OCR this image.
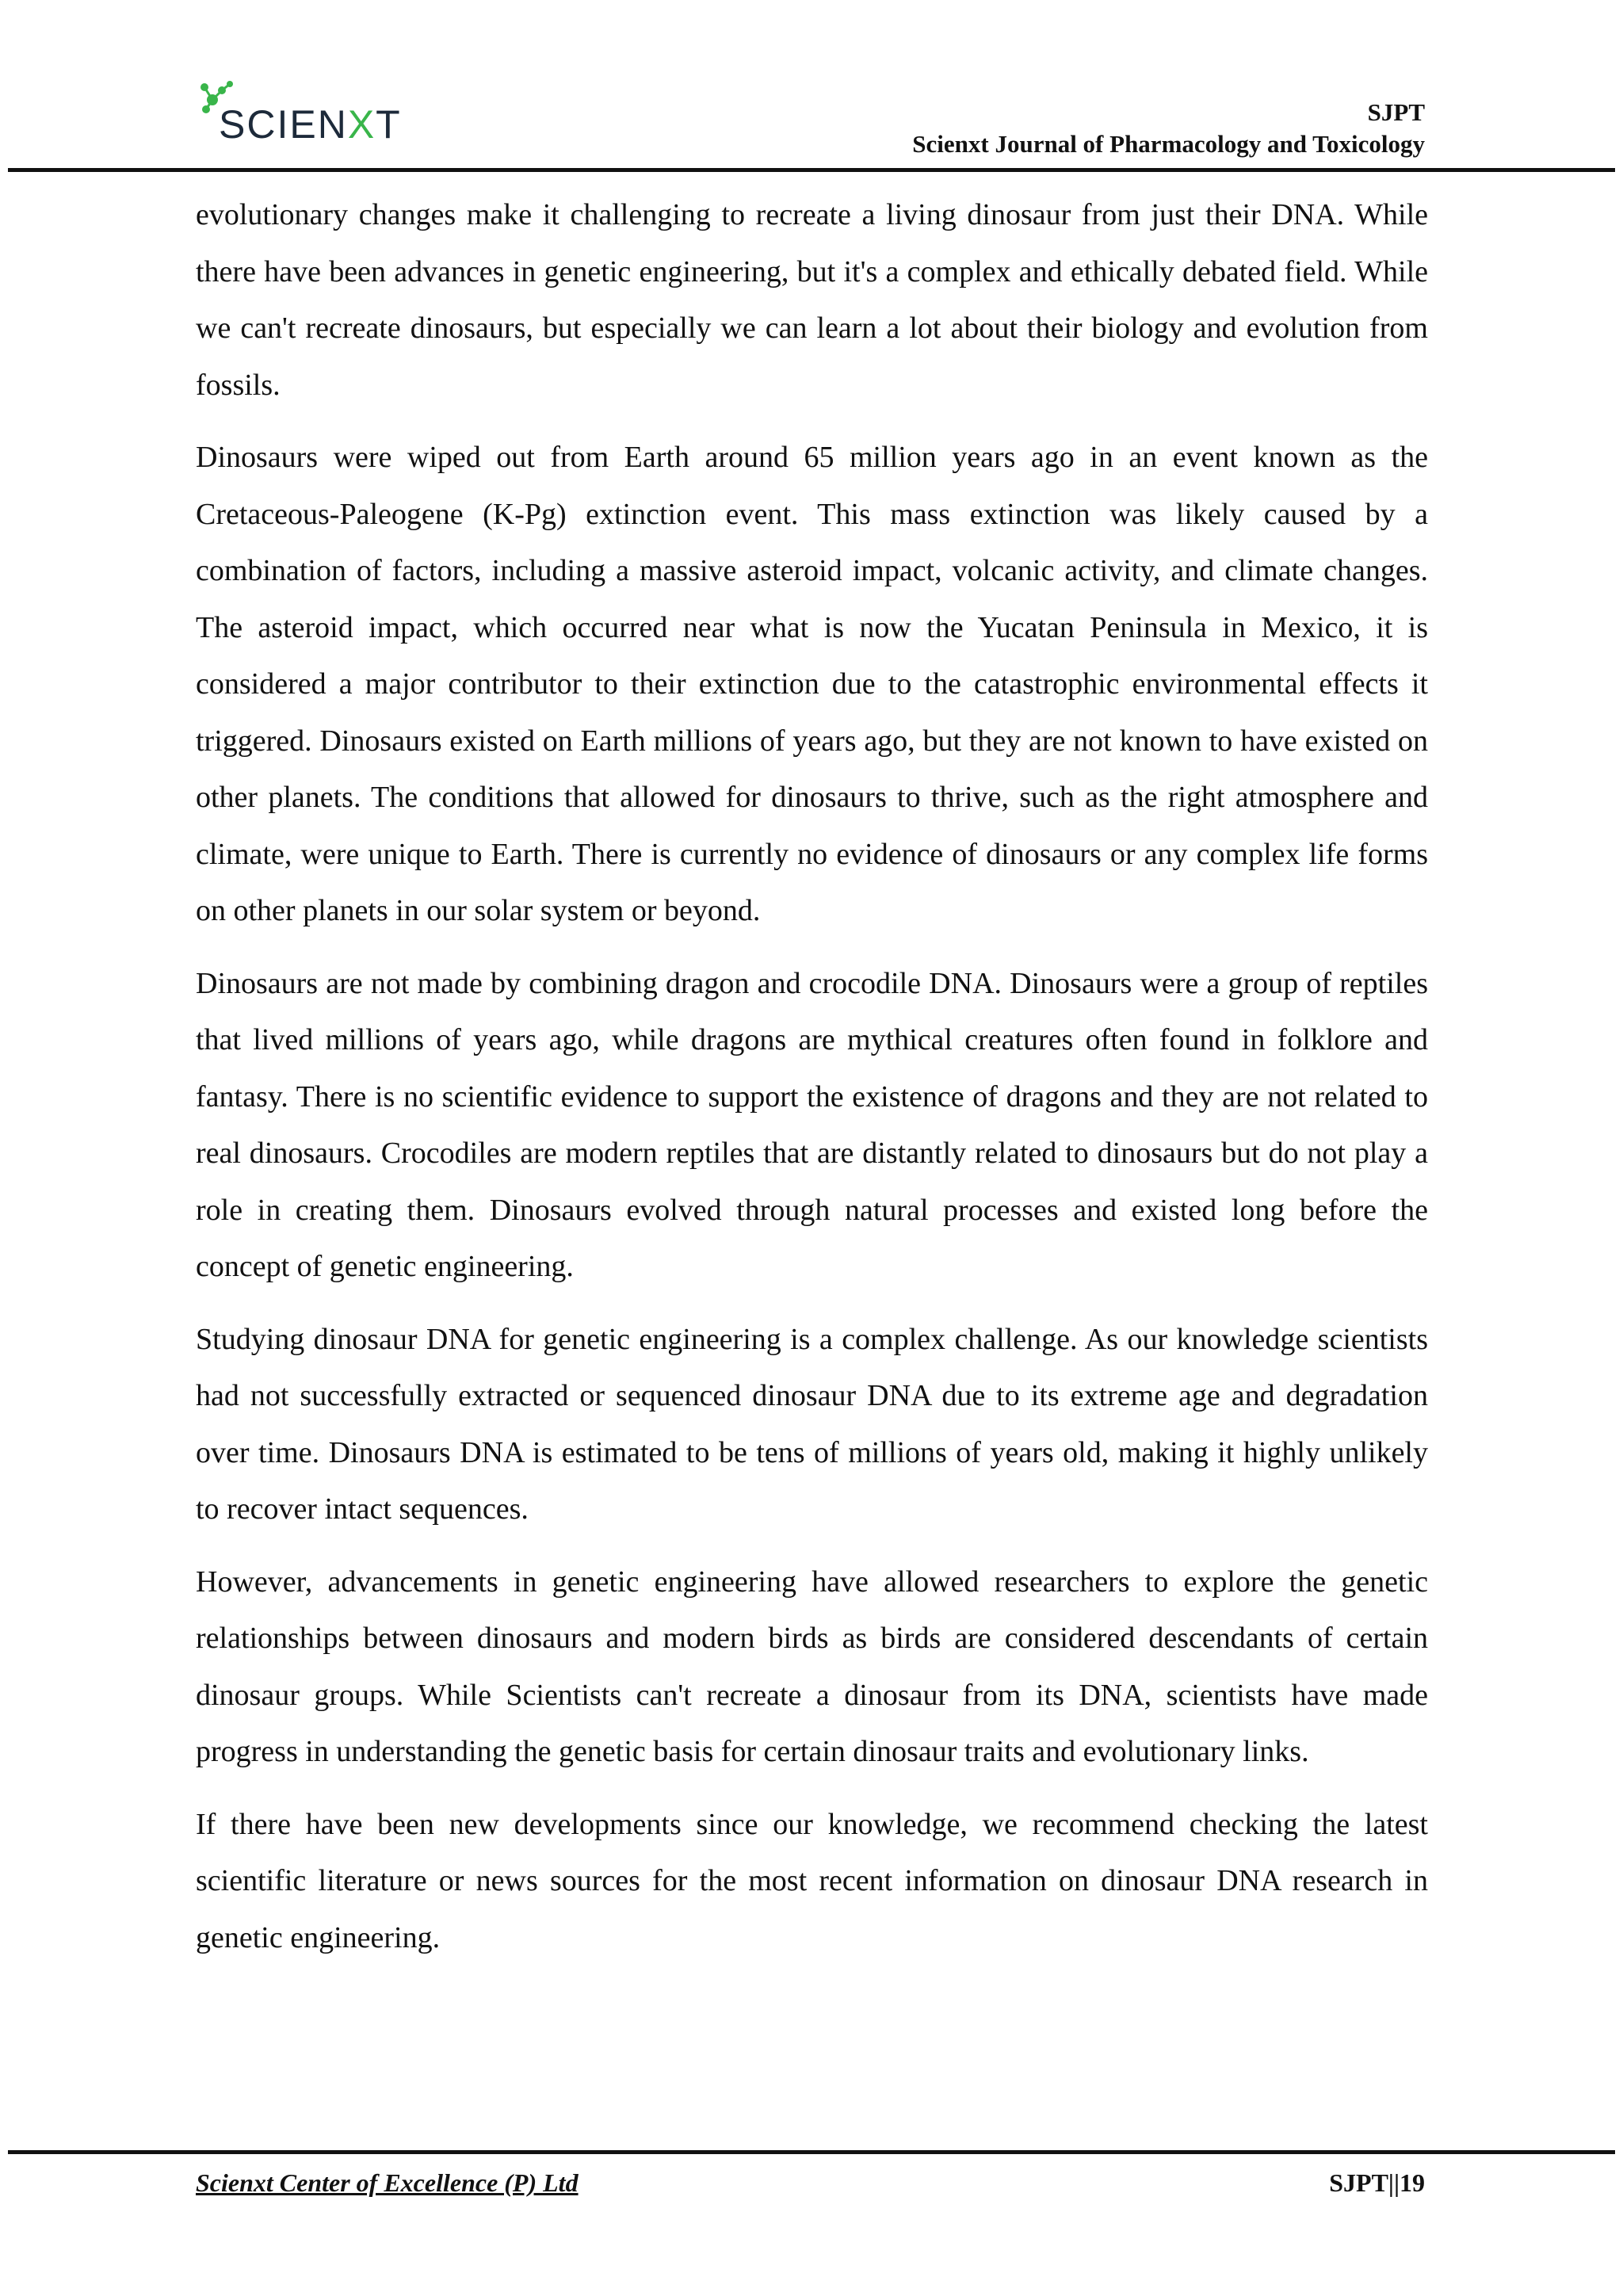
SCIENXT	SJPT
Scienxt Journal of Pharmacology and Toxicology

evolutionary changes make it challenging to recreate a living dinosaur from just their DNA. While there have been advances in genetic engineering, but it's a complex and ethically debated field. While we can't recreate dinosaurs, but especially we can learn a lot about their biology and evolution from fossils.

Dinosaurs were wiped out from Earth around 65 million years ago in an event known as the Cretaceous-Paleogene (K-Pg) extinction event. This mass extinction was likely caused by a combination of factors, including a massive asteroid impact, volcanic activity, and climate changes. The asteroid impact, which occurred near what is now the Yucatan Peninsula in Mexico, it is considered a major contributor to their extinction due to the catastrophic environmental effects it triggered. Dinosaurs existed on Earth millions of years ago, but they are not known to have existed on other planets. The conditions that allowed for dinosaurs to thrive, such as the right atmosphere and climate, were unique to Earth. There is currently no evidence of dinosaurs or any complex life forms on other planets in our solar system or beyond.

Dinosaurs are not made by combining dragon and crocodile DNA. Dinosaurs were a group of reptiles that lived millions of years ago, while dragons are mythical creatures often found in folklore and fantasy. There is no scientific evidence to support the existence of dragons and they are not related to real dinosaurs. Crocodiles are modern reptiles that are distantly related to dinosaurs but do not play a role in creating them. Dinosaurs evolved through natural processes and existed long before the concept of genetic engineering.

Studying dinosaur DNA for genetic engineering is a complex challenge. As our knowledge scientists had not successfully extracted or sequenced dinosaur DNA due to its extreme age and degradation over time. Dinosaurs DNA is estimated to be tens of millions of years old, making it highly unlikely to recover intact sequences.

However, advancements in genetic engineering have allowed researchers to explore the genetic relationships between dinosaurs and modern birds as birds are considered descendants of certain dinosaur groups. While Scientists can't recreate a dinosaur from its DNA, scientists have made progress in understanding the genetic basis for certain dinosaur traits and evolutionary links.

If there have been new developments since our knowledge, we recommend checking the latest scientific literature or news sources for the most recent information on dinosaur DNA research in genetic engineering.

Scienxt Center of Excellence (P) Ltd	SJPT||19
